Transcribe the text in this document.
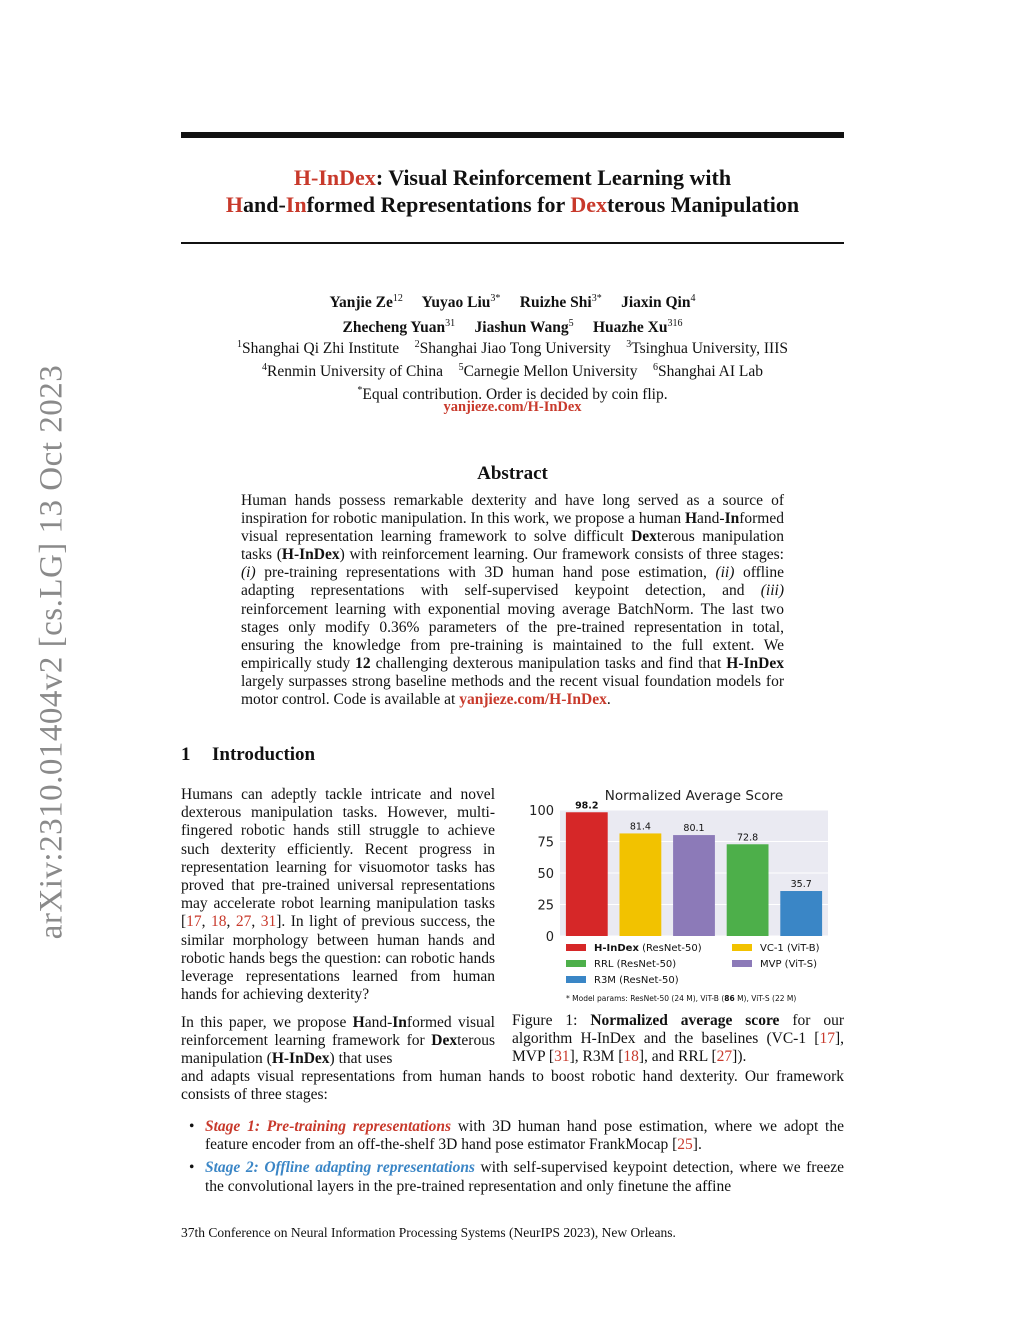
arXiv:2310.01404v2 [cs.LG] 13 Oct 2023
H-InDex: Visual Reinforcement Learning with
Hand-Informed Representations for Dexterous Manipulation
Yanjie Ze$^{12}$ Yuyao Liu$^{3*}$ Ruizhe Shi$^{3*}$ Jiaxin Qin$^4$
Zhecheng Yuan$^{31}$ Jiashun Wang$^5$ Huazhe Xu$^{316}$
$^1$Shanghai Qi Zhi Institute $^2$Shanghai Jiao Tong University $^3$Tsinghua University, IIIS
$^4$Renmin University of China $^5$Carnegie Mellon University $^6$Shanghai AI Lab
*Equal contribution. Order is decided by coin flip.
yanjieze.com/H-InDex
Abstract
Human hands possess remarkable dexterity and have long served as a source of inspiration for robotic manipulation. In this work, we propose a human Hand-Informed visual representation learning framework to solve difficult Dexterous manipulation tasks (H-InDex) with reinforcement learning. Our framework consists of three stages: (i) pre-training representations with 3D human hand pose estimation, (ii) offline adapting representations with self-supervised keypoint detection, and (iii) reinforcement learning with exponential moving average BatchNorm. The last two stages only modify 0.36% parameters of the pre-trained representation in total, ensuring the knowledge from pre-training is maintained to the full extent. We empirically study 12 challenging dexterous manipulation tasks and find that H-InDex largely surpasses strong baseline methods and the recent visual foundation models for motor control. Code is available at yanjieze.com/H-InDex.
1 Introduction
Humans can adeptly tackle intricate and novel dexterous manipulation tasks. However, multi-fingered robotic hands still struggle to achieve such dexterity efficiently. Recent progress in representation learning for visuomotor tasks has proved that pre-trained universal representations may accelerate robot learning manipulation tasks [17, 18, 27, 31]. In light of previous success, the similar morphology between human hands and robotic hands begs the question: can robotic hands leverage representations learned from human hands for achieving dexterity?
In this paper, we propose Hand-Informed visual reinforcement learning framework for Dexterous manipulation (H-InDex) that uses
0
25
50
75
100
Normalized Average Score
98.2
81.4	80.1
72.8
35.7
H-InDex (ResNet-50)	VC-1 (ViT-B)
RRL (ResNet-50)	MVP (ViT-S)
R3M (ResNet-50)
* Model params: ResNet-50 (24 M), ViT-B (86 M), ViT-S (22 M)
Figure 1: Normalized average score for our algorithm H-InDex and the baselines (VC-1 [17], MVP [31], R3M [18], and RRL [27]).
and adapts visual representations from human hands to boost robotic hand dexterity. Our framework consists of three stages:
• Stage 1: Pre-training representations with 3D human hand pose estimation, where we adopt the feature encoder from an off-the-shelf 3D hand pose estimator FrankMocap [25].
• Stage 2: Offline adapting representations with self-supervised keypoint detection, where we freeze the convolutional layers in the pre-trained representation and only finetune the affine
37th Conference on Neural Information Processing Systems (NeurIPS 2023), New Orleans.
